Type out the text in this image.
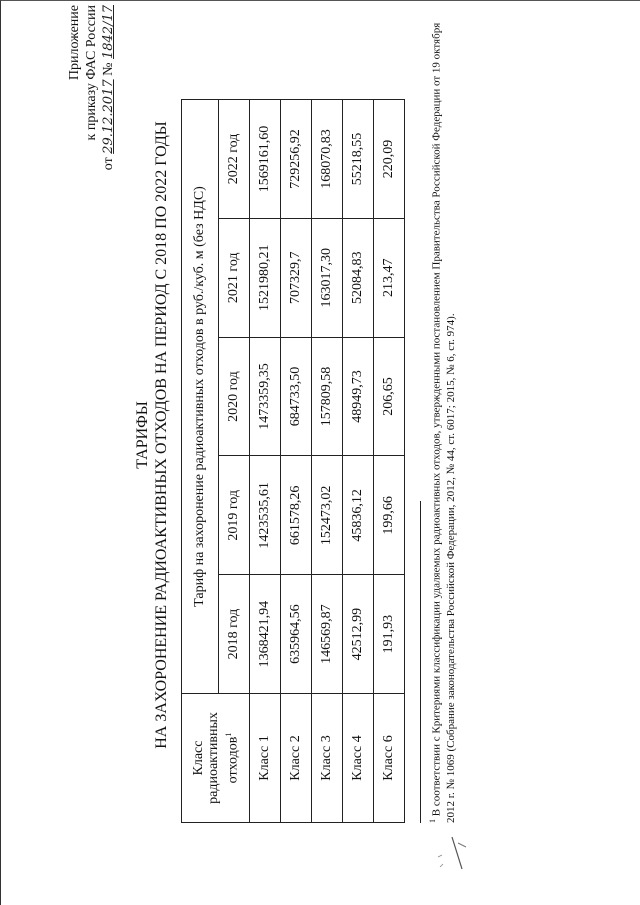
Приложение к приказу ФАС России
от 29.12.2017 № 1842/17
ТАРИФЫ НА ЗАХОРОНЕНИЕ РАДИОАКТИВНЫХ ОТХОДОВ НА ПЕРИОД С 2018 ПО 2022 ГОДЫ
Класс
радиоактивных отходов$^1$	Тариф на захоронение радиоактивных отходов в руб./куб. м (без НДС)				
	2018 год	2019 год	2020 год	2021 год	2022 год
Класс 1	1368421,94	1423535,61	1473359,35	1521980,21	1569161,60
Класс 2	635964,56	661578,26	684733,50	707329,7	729256,92
Класс 3	146569,87	152473,02	157809,58	163017,30	168070,83
Класс 4	42512,99	45836,12	48949,73	52084,83	55218,55
Класс 6	191,93	199,66	206,65	213,47	220,09
$^1$ В соответствии с Критериями классификации удаляемых радиоактивных отходов, утвержденными постановлением Правительства Российской Федерации от 19 октября 2012 г. № 1069 (Собрание законодательства Российской Федерации, 2012, № 44, ст. 6017; 2015, № 6, ст. 974).
